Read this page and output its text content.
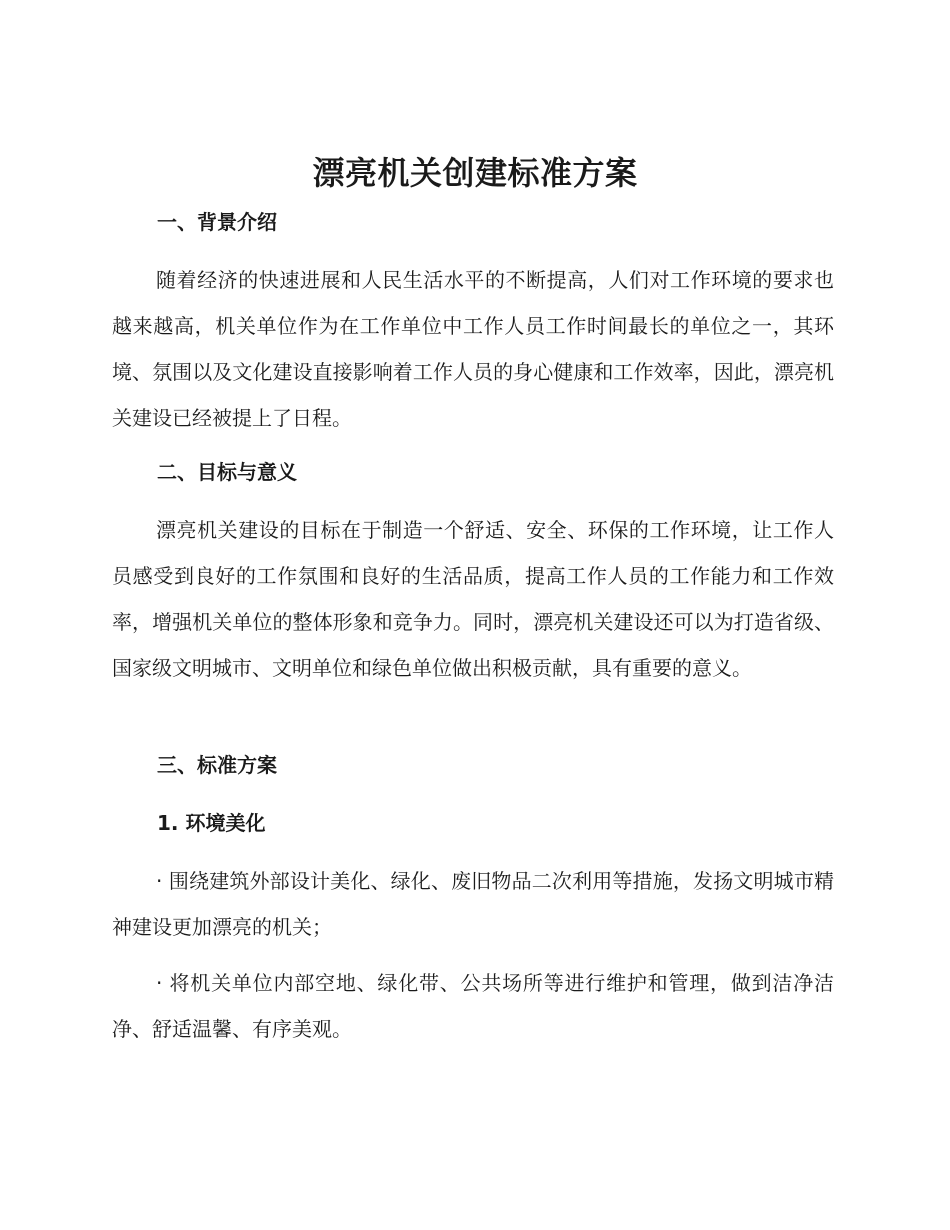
漂亮机关创建标准方案
一、背景介绍

随着经济的快速进展和人民生活水平的不断提高，人们对工作环境的要求也越来越高，机关单位作为在工作单位中工作人员工作时间最长的单位之一，其环境、氛围以及文化建设直接影响着工作人员的身心健康和工作效率，因此，漂亮机关建设已经被提上了日程。

二、目标与意义

漂亮机关建设的目标在于制造一个舒适、安全、环保的工作环境，让工作人员感受到良好的工作氛围和良好的生活品质，提高工作人员的工作能力和工作效率，增强机关单位的整体形象和竞争力。同时，漂亮机关建设还可以为打造省级、国家级文明城市、文明单位和绿色单位做出积极贡献，具有重要的意义。

三、标准方案
1. 环境美化

· 围绕建筑外部设计美化、绿化、废旧物品二次利用等措施，发扬文明城市精神建设更加漂亮的机关；

· 将机关单位内部空地、绿化带、公共场所等进行维护和管理，做到洁净洁净、舒适温馨、有序美观。
